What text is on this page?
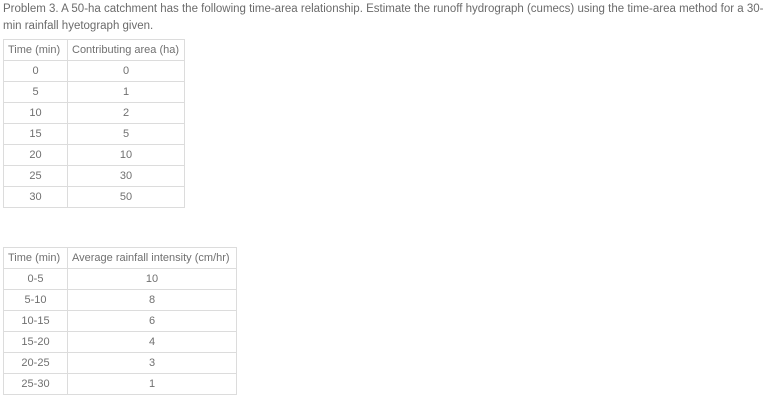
Problem 3. A 50-ha catchment has the following time-area relationship. Estimate the runoff hydrograph (cumecs) using the time-area method for a 30-min rainfall hyetograph given.
Time (min)	Contributing area (ha)
0	0
5	1
10	2
15	5
20	10
25	30
30	50
Time (min)	Average rainfall intensity (cm/hr)
0-5	10
5-10	8
10-15	6
15-20	4
20-25	3
25-30	1
